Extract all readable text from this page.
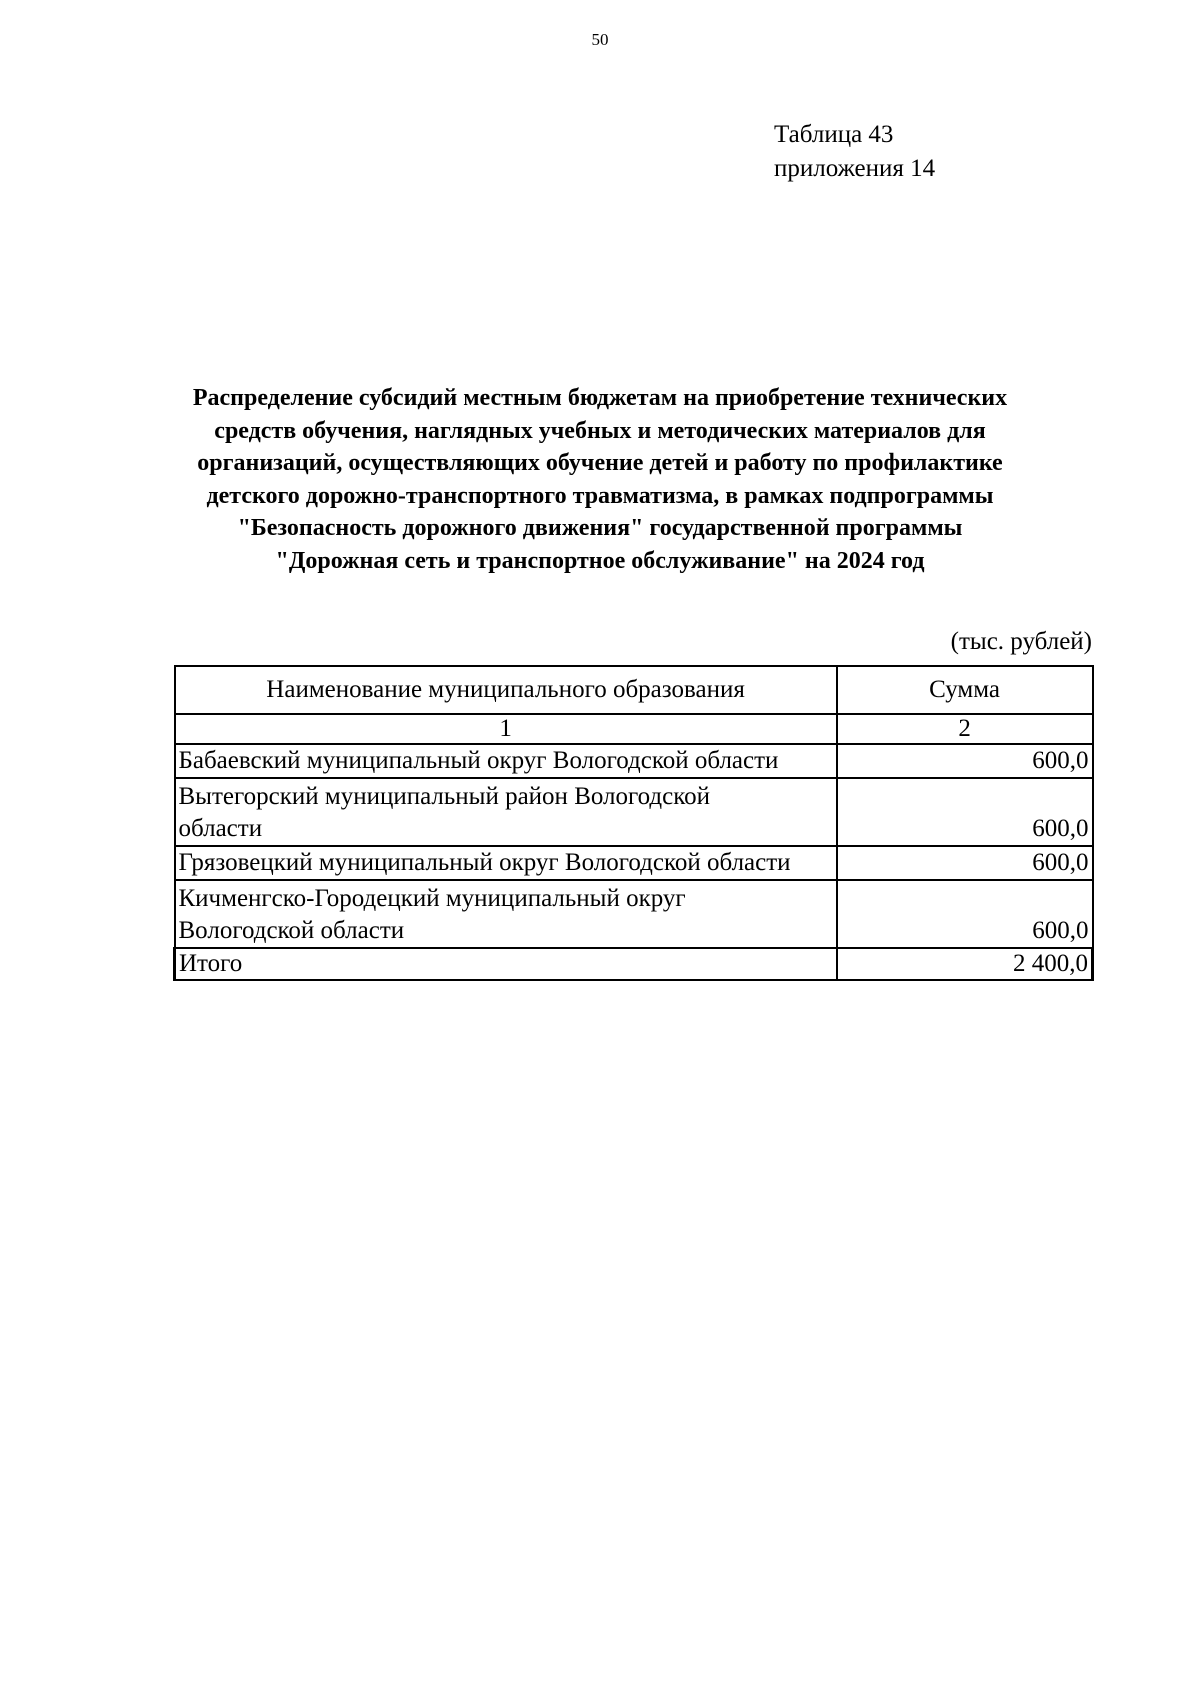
50
Таблица 43
приложения 14
Распределение субсидий местным бюджетам на приобретение технических
средств обучения, наглядных учебных и методических материалов для
организаций, осуществляющих обучение детей и работу по профилактике
детского дорожно-транспортного травматизма, в рамках подпрограммы
"Безопасность дорожного движения" государственной программы
"Дорожная сеть и транспортное обслуживание" на 2024 год
(тыс. рублей)
Наименование муниципального образования	Сумма
1	2

Бабаевский муниципальный округ Вологодской области	600,0

Вытегорский муниципальный район Вологодской
области	600,0

Грязовецкий муниципальный округ Вологодской области	600,0

Кичменгско-Городецкий муниципальный округ
Вологодской области	600,0
Итого	2 400,0
